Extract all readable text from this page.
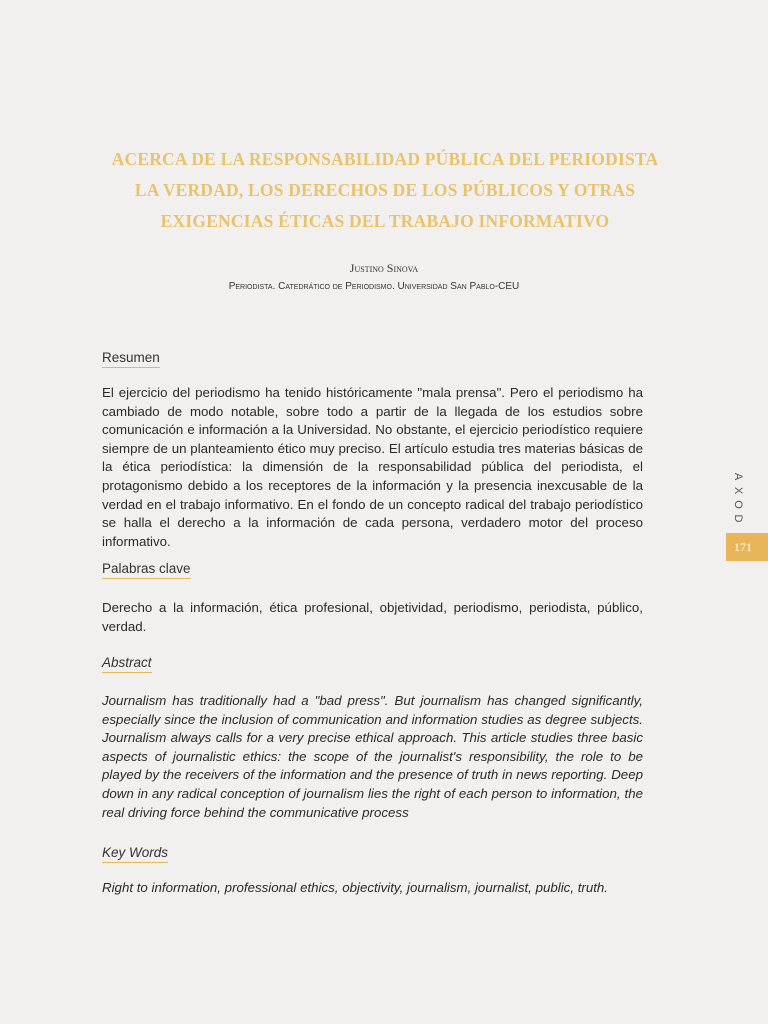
ACERCA DE LA RESPONSABILIDAD PÚBLICA DEL PERIODISTA
LA VERDAD, LOS DERECHOS DE LOS PÚBLICOS Y OTRAS
EXIGENCIAS ÉTICAS DEL TRABAJO INFORMATIVO
Justino Sinova
Periodista. Catedrático de Periodismo. Universidad San Pablo-CEU
Resumen
El ejercicio del periodismo ha tenido históricamente "mala prensa". Pero el periodismo ha cambiado de modo notable, sobre todo a partir de la llegada de los estudios sobre comunicación e información a la Universidad. No obstante, el ejercicio periodístico requiere siempre de un planteamiento ético muy preciso. El artículo estudia tres materias básicas de la ética periodística: la dimensión de la responsabilidad pública del periodista, el protagonismo debido a los receptores de la información y la presencia inexcusable de la verdad en el trabajo informativo. En el fondo de un concepto radical del trabajo periodístico se halla el derecho a la información de cada persona, verdadero motor del proceso informativo.
Palabras clave
Derecho a la información, ética profesional, objetividad, periodismo, periodista, público, verdad.
Abstract
Journalism has traditionally had a "bad press". But journalism has changed significantly, especially since the inclusion of communication and information studies as degree subjects. Journalism always calls for a very precise ethical approach. This article studies three basic aspects of journalistic ethics: the scope of the journalist's responsibility, the role to be played by the receivers of the information and the presence of truth in news reporting. Deep down in any radical conception of journalism lies the right of each person to information, the real driving force behind the communicative process
Key Words
Right to information, professional ethics, objectivity, journalism, journalist, public, truth.
A
X
O
D
171
